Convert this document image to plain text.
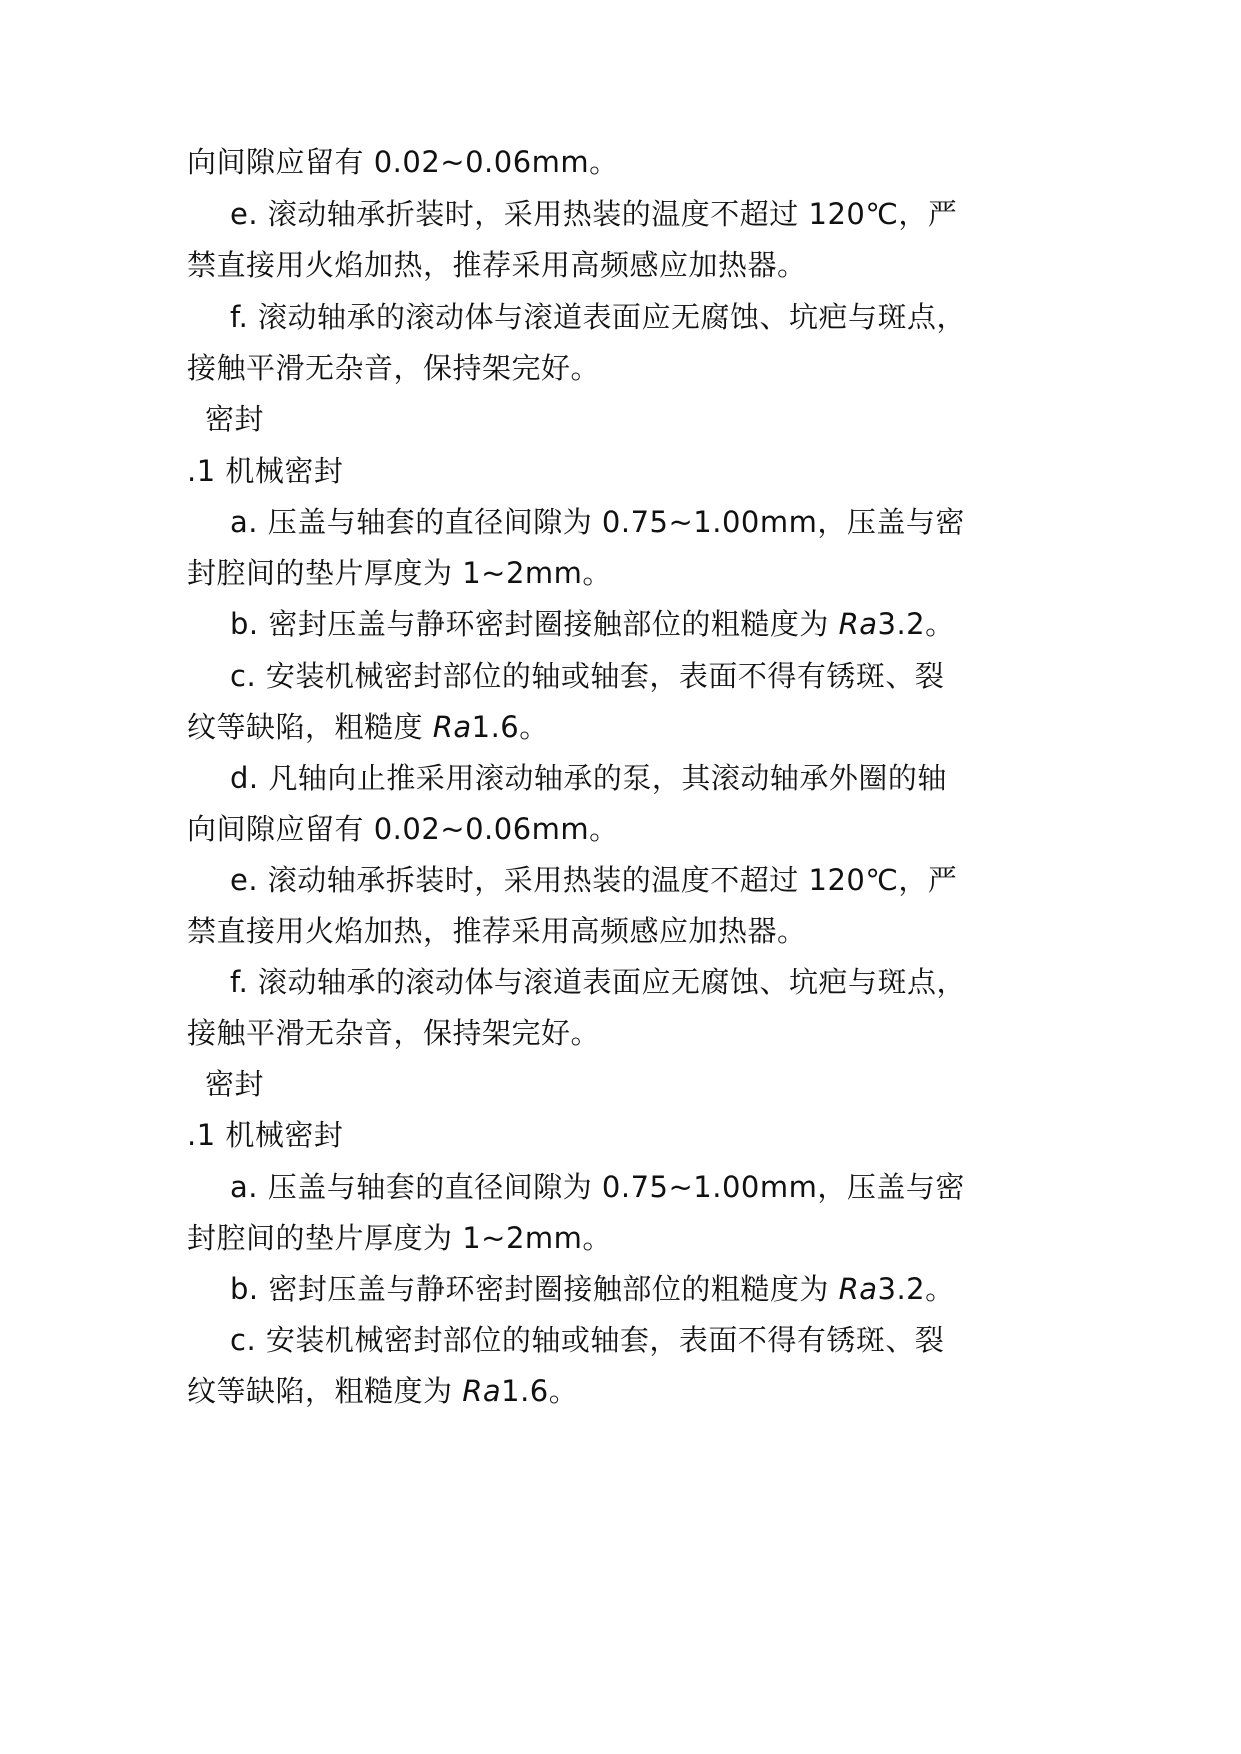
向间隙应留有 0.02~0.06mm。
e. 滚动轴承折装时，采用热装的温度不超过 120℃，严
禁直接用火焰加热，推荐采用高频感应加热器。
f. 滚动轴承的滚动体与滚道表面应无腐蚀、坑疤与斑点，
接触平滑无杂音，保持架完好。
密封
.1 机械密封
a. 压盖与轴套的直径间隙为 0.75~1.00mm，压盖与密
封腔间的垫片厚度为 1~2mm。
b. 密封压盖与静环密封圈接触部位的粗糙度为 Ra3.2。
c. 安装机械密封部位的轴或轴套，表面不得有锈斑、裂
纹等缺陷，粗糙度 Ra1.6。
d. 凡轴向止推采用滚动轴承的泵，其滚动轴承外圈的轴
向间隙应留有 0.02~0.06mm。
e. 滚动轴承拆装时，采用热装的温度不超过 120℃，严
禁直接用火焰加热，推荐采用高频感应加热器。
f. 滚动轴承的滚动体与滚道表面应无腐蚀、坑疤与斑点，
接触平滑无杂音，保持架完好。
密封
.1 机械密封
a. 压盖与轴套的直径间隙为 0.75~1.00mm，压盖与密
封腔间的垫片厚度为 1~2mm。
b. 密封压盖与静环密封圈接触部位的粗糙度为 Ra3.2。
c. 安装机械密封部位的轴或轴套，表面不得有锈斑、裂
纹等缺陷，粗糙度为 Ra1.6。
